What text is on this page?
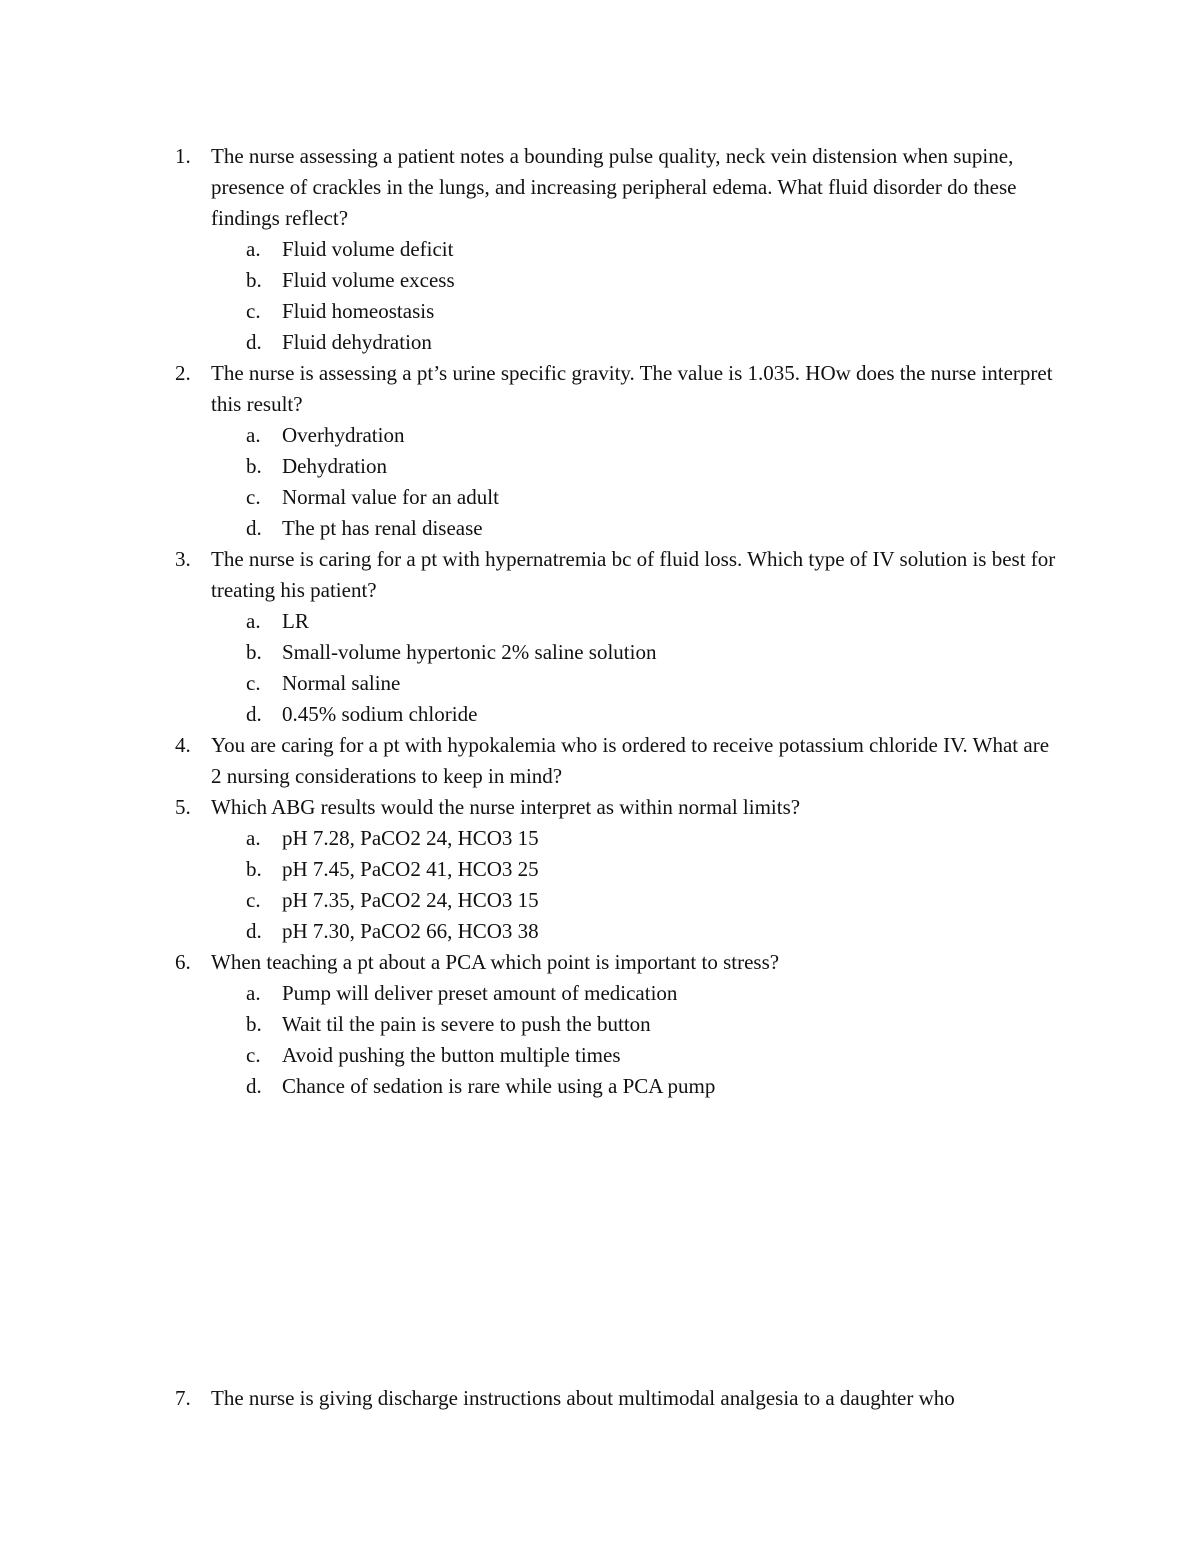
1. The nurse assessing a patient notes a bounding pulse quality, neck vein distension when supine, presence of crackles in the lungs, and increasing peripheral edema. What fluid disorder do these findings reflect?
a. Fluid volume deficit
b. Fluid volume excess
c. Fluid homeostasis
d. Fluid dehydration
2. The nurse is assessing a pt’s urine specific gravity. The value is 1.035. HOw does the nurse interpret this result?
a. Overhydration
b. Dehydration
c. Normal value for an adult
d. The pt has renal disease
3. The nurse is caring for a pt with hypernatremia bc of fluid loss. Which type of IV solution is best for treating his patient?
a. LR
b. Small-volume hypertonic 2% saline solution
c. Normal saline
d. 0.45% sodium chloride
4. You are caring for a pt with hypokalemia who is ordered to receive potassium chloride IV. What are 2 nursing considerations to keep in mind?
5. Which ABG results would the nurse interpret as within normal limits?
a. pH 7.28, PaCO2 24, HCO3 15
b. pH 7.45, PaCO2 41, HCO3 25
c. pH 7.35, PaCO2 24, HCO3 15
d. pH 7.30, PaCO2 66, HCO3 38
6. When teaching a pt about a PCA which point is important to stress?
a. Pump will deliver preset amount of medication
b. Wait til the pain is severe to push the button
c. Avoid pushing the button multiple times
d. Chance of sedation is rare while using a PCA pump
7. The nurse is giving discharge instructions about multimodal analgesia to a daughter who
